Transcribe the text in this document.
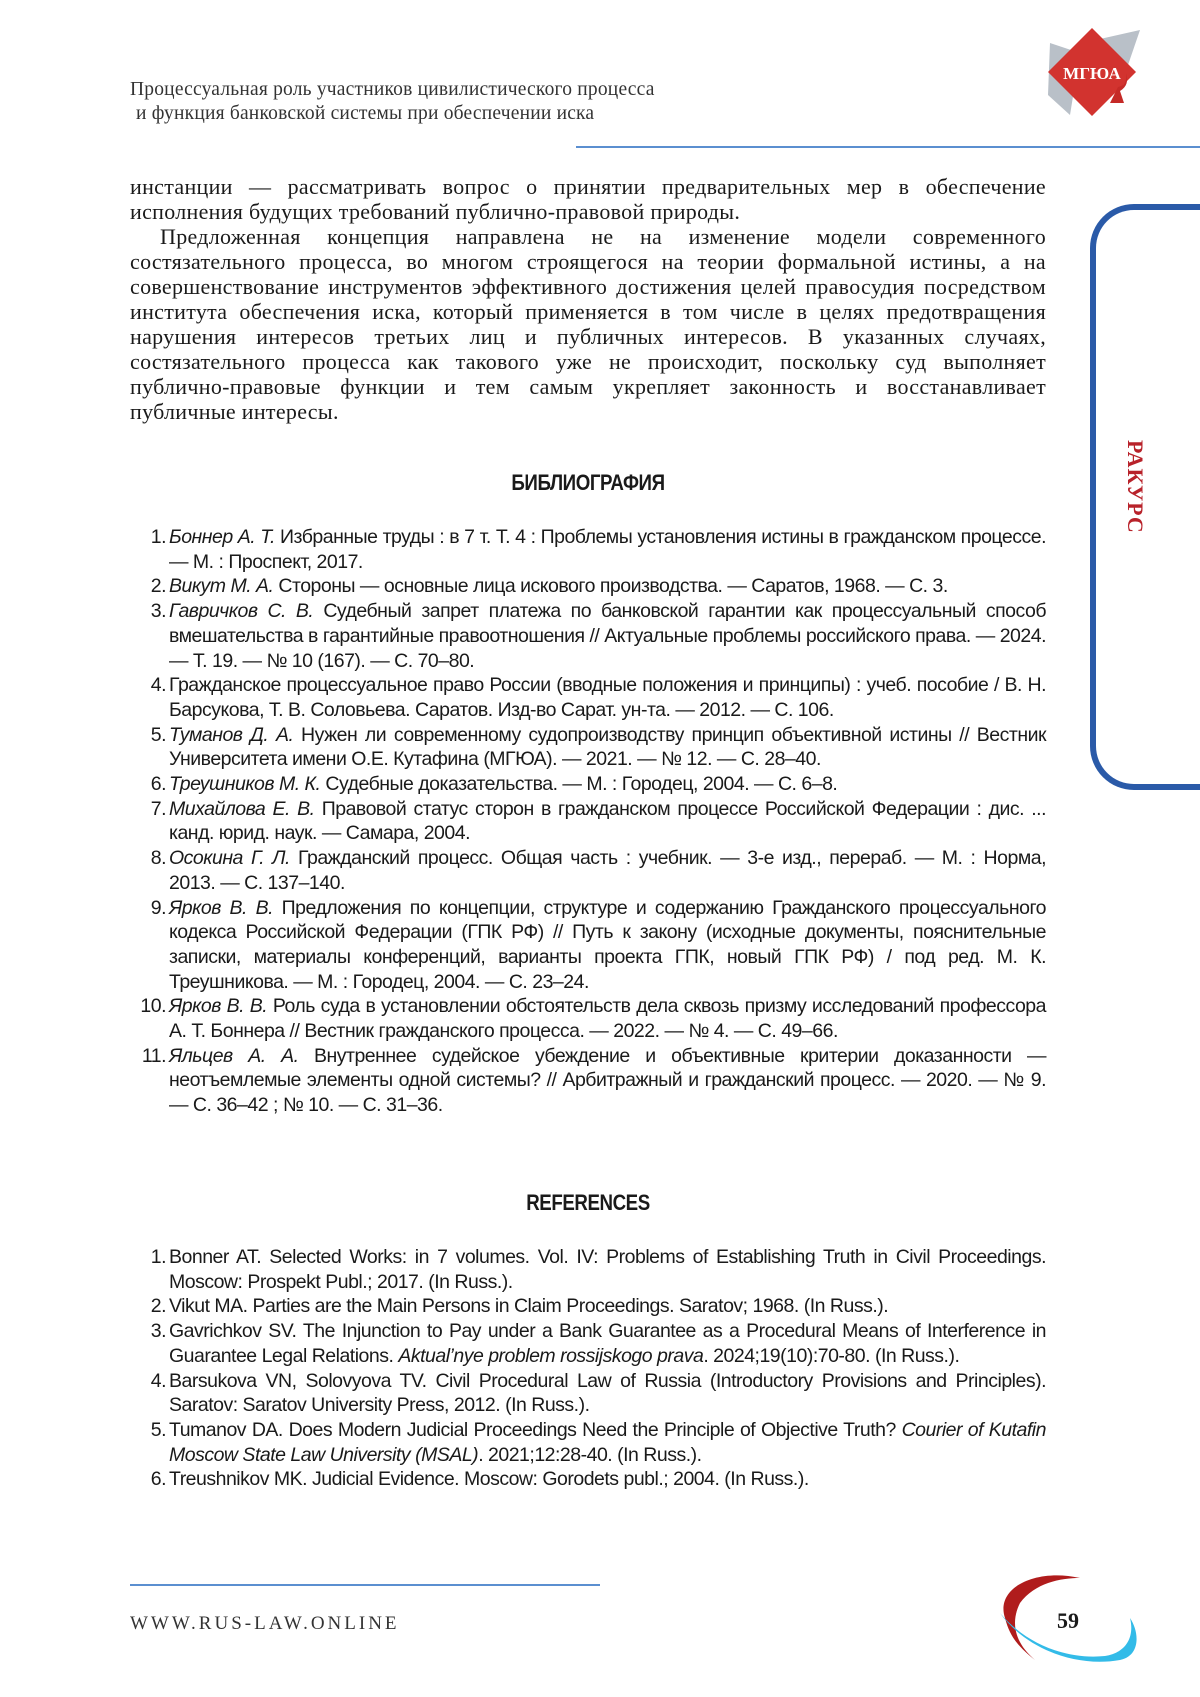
Процессуальная роль участников цивилистического процесса
и функция банковской системы при обеспечении иска
МГЮА

инстанции — рассматривать вопрос о принятии предварительных мер в обеспечение исполнения будущих требований публично-правовой природы.

Предложенная концепция направлена не на изменение модели современного состязательного процесса, во многом строящегося на теории формальной истины, а на совершенствование инструментов эффективного достижения целей правосудия посредством института обеспечения иска, который применяется в том числе в целях предотвращения нарушения интересов третьих лиц и публичных интересов. В указанных случаях, состязательного процесса как такового уже не происходит, поскольку суд выполняет публично-правовые функции и тем самым укрепляет законность и восстанавливает публичные интересы.

РАКУРС
БИБЛИОГРАФИЯ
1. Боннер А. Т. Избранные труды : в 7 т. Т. 4 : Проблемы установления истины в гражданском процессе. — М. : Проспект, 2017.
2. Викут М. А. Стороны — основные лица искового производства. — Саратов, 1968. — С. 3.
3. Гавричков С. В. Судебный запрет платежа по банковской гарантии как процессуальный способ вмешательства в гарантийные правоотношения // Актуальные проблемы российского права. — 2024. — Т. 19. — № 10 (167). — С. 70–80.
4. Гражданское процессуальное право России (вводные положения и принципы) : учеб. пособие / В. Н. Барсукова, Т. В. Соловьева. Саратов. Изд-во Сарат. ун-та. — 2012. — С. 106.
5. Туманов Д. А. Нужен ли современному судопроизводству принцип объективной истины // Вестник Университета имени О.Е. Кутафина (МГЮА). — 2021. — № 12. — С. 28–40.
6. Треушников М. К. Судебные доказательства. — М. : Городец, 2004. — С. 6–8.
7. Михайлова Е. В. Правовой статус сторон в гражданском процессе Российской Федерации : дис. ... канд. юрид. наук. — Самара, 2004.
8. Осокина Г. Л. Гражданский процесс. Общая часть : учебник. — 3-е изд., перераб. — М. : Норма, 2013. — С. 137–140.
9. Ярков В. В. Предложения по концепции, структуре и содержанию Гражданского процессуального кодекса Российской Федерации (ГПК РФ) // Путь к закону (исходные документы, пояснительные записки, материалы конференций, варианты проекта ГПК, новый ГПК РФ) / под ред. М. К. Треушникова. — М. : Городец, 2004. — С. 23–24.
10. Ярков В. В. Роль суда в установлении обстоятельств дела сквозь призму исследований профессора А. Т. Боннера // Вестник гражданского процесса. — 2022. — № 4. — С. 49–66.
11. Яльцев А. А. Внутреннее судейское убеждение и объективные критерии доказанности — неотъемлемые элементы одной системы? // Арбитражный и гражданский процесс. — 2020. — № 9. — С. 36–42 ; № 10. — С. 31–36.
REFERENCES
1. Bonner AT. Selected Works: in 7 volumes. Vol. IV: Problems of Establishing Truth in Civil Proceedings. Moscow: Prospekt Publ.; 2017. (In Russ.).
2. Vikut MA. Parties are the Main Persons in Claim Proceedings. Saratov; 1968. (In Russ.).
3. Gavrichkov SV. The Injunction to Pay under a Bank Guarantee as a Procedural Means of Interference in Guarantee Legal Relations. Aktual’nye problem rossijskogo prava. 2024;19(10):70-80. (In Russ.).
4. Barsukova VN, Solovyova TV. Civil Procedural Law of Russia (Introductory Provisions and Principles). Saratov: Saratov University Press, 2012. (In Russ.).
5. Tumanov DA. Does Modern Judicial Proceedings Need the Principle of Objective Truth? Courier of Kutafin Moscow State Law University (MSAL). 2021;12:28-40. (In Russ.).
6. Treushnikov MK. Judicial Evidence. Moscow: Gorodets publ.; 2004. (In Russ.).
WWW.RUS-LAW.ONLINE	59
